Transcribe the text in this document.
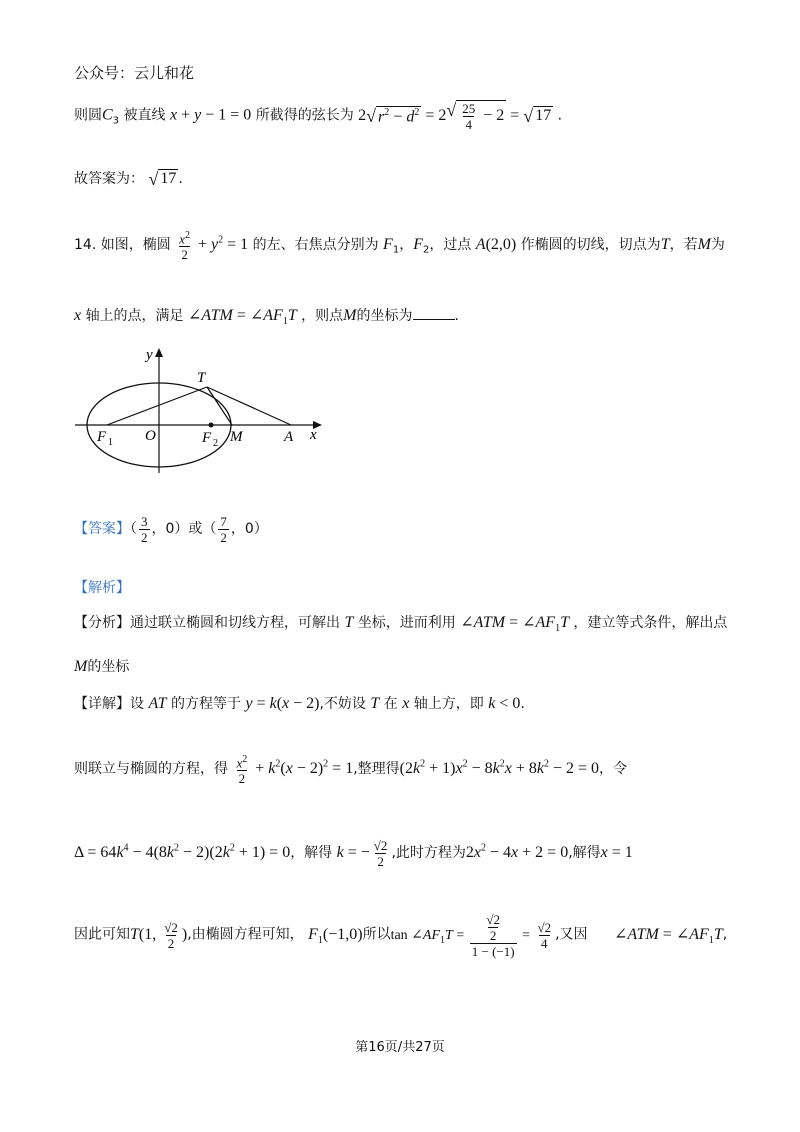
公众号：云儿和花
则圆$C_3$ 被直线 x + y − 1 = 0 所截得的弦长为 2 √ $r^2 - d^2 = 2$ √ $\frac{25}{4} - 2$ = √ 17 .
故答案为： √ 17 .
14. 如图，椭圆 $\frac{x^2}{2} + y^2 = 1$ 的左、右焦点分别为 $F_1$，$F_2$，过点 A(2,0) 作椭圆的切线，切点为T，若M为
x 轴上的点，满足 ∠ATM = $\angle AF_1T$ ，则点M的坐标为	.
y
x
T
O
F 1	F 2 M	A
【答案】（ $\frac{3}{2}$ ，0）或（ $\frac{7}{2}$ ，0）
【解析】
【分析】通过联立椭圆和切线方程，可解出 T 坐标，进而利用 ∠ATM = $\angle AF_1T$ ，建立等式条件，解出点
M的坐标
【详解】设 AT 的方程等于 y = k(x − 2),不妨设 T 在 x 轴上方，即 k < 0.
则联立与椭圆的方程，得 $\frac{x^2}{2} + k^2(x - 2)^2 = 1$,整理得$(2k^2 + 1)x^2 - 8k^2x + 8k^2 - 2 = 0$，令
$\Delta = 64k^4 - 4(8k^2 - 2)(2k^2 + 1) = 0$，解得 k = − $\frac{√2}{2}$ ,此时方程为$2x^2 - 4x + 2 = 0$,解得x = 1
因此可知T(1, $\frac{√2}{2}$ ),由椭圆方程可知， $F_1(-1,0)$所以$\tan \angle AF_1T = \frac{\frac{√2}{2}}{1 - (-1)} = \frac{√2}{4}$ ,又因 ∠ATM = $\angle AF_1T$,
第16页/共27页
